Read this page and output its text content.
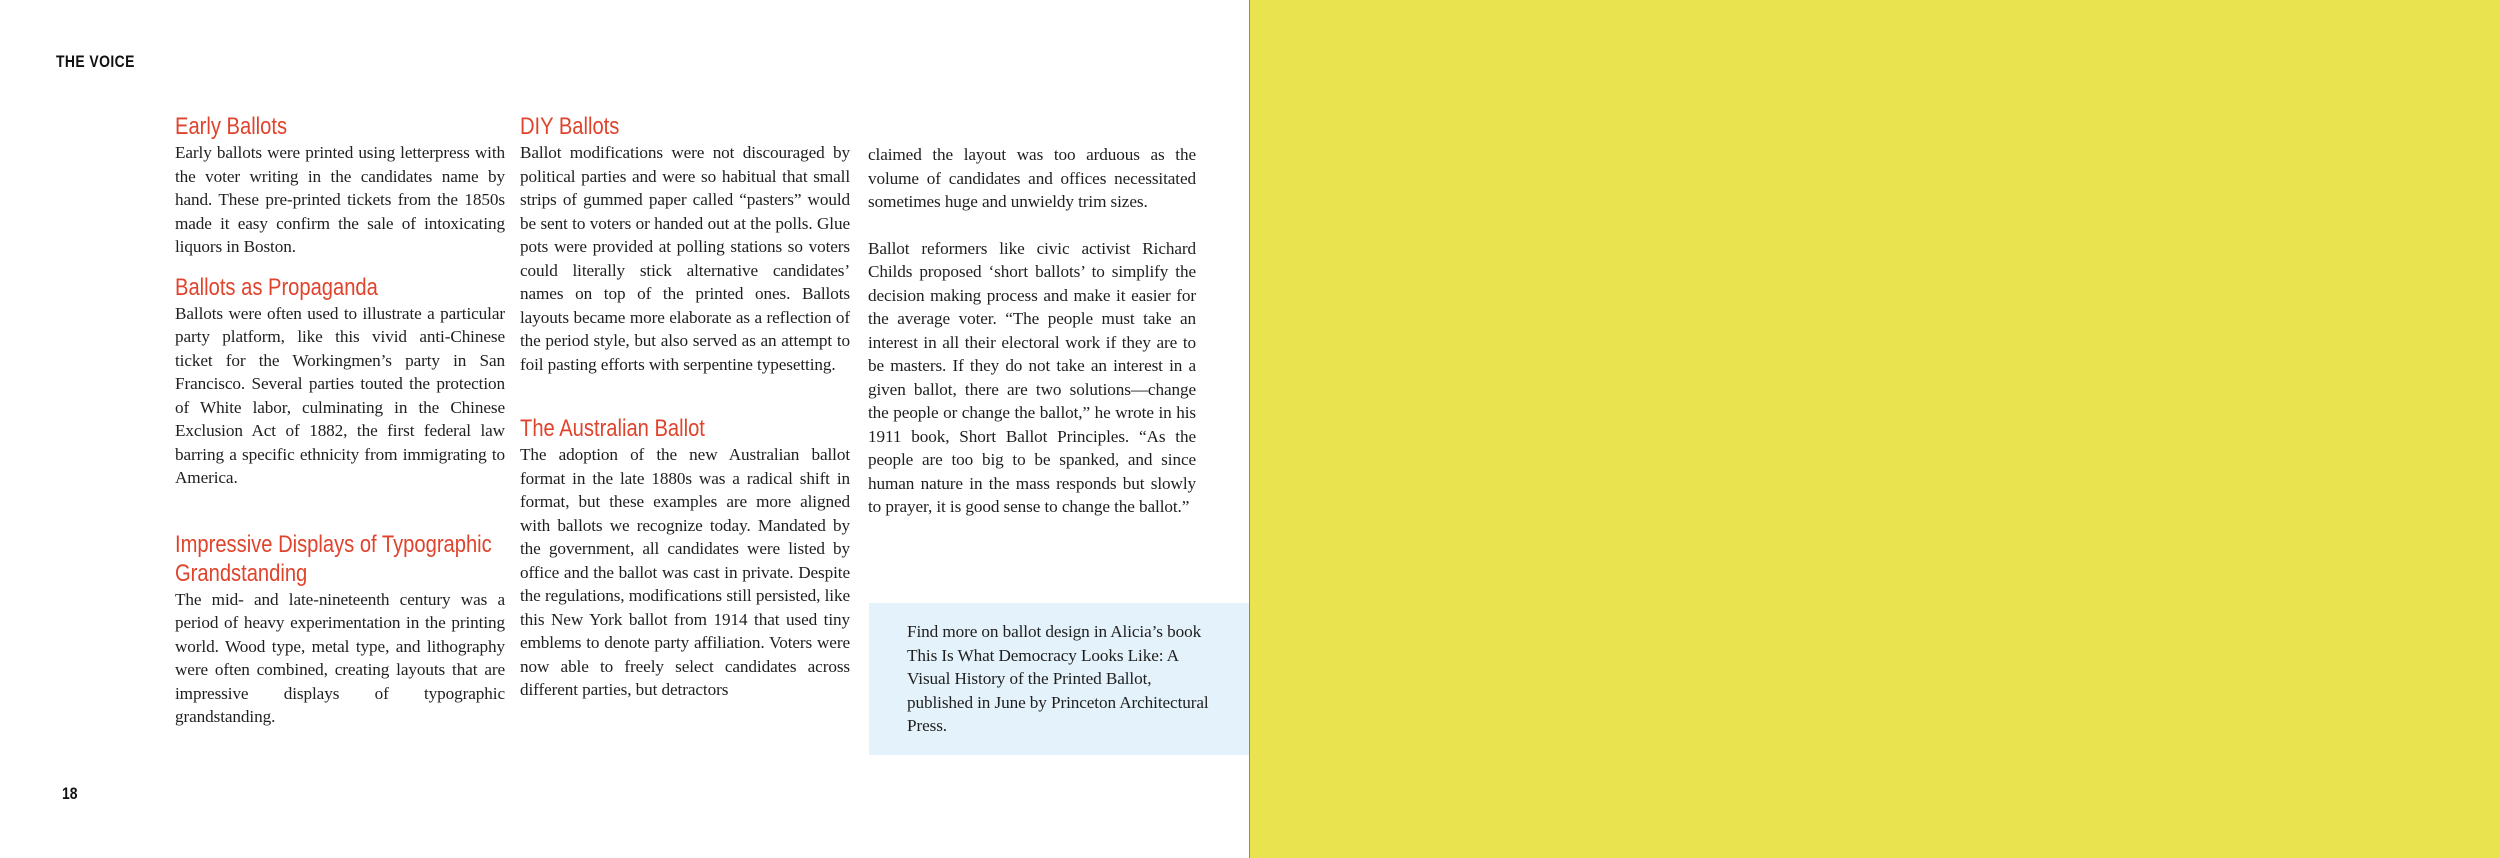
THE VOICE
Early Ballots

Early ballots were printed using letterpress with the voter writing in the candidates name by hand. These pre-printed tickets from the 1850s made it easy confirm the sale of intoxicating liquors in Boston.

Ballots as Propaganda

Ballots were often used to illustrate a particular party platform, like this vivid anti-Chinese ticket for the Workingmen’s party in San Francisco. Several parties touted the protection of White labor, culminating in the Chinese Exclusion Act of 1882, the first federal law barring a specific ethnicity from immigrating to America.

Impressive Displays of Typographic Grandstanding

The mid- and late-nineteenth century was a period of heavy experimentation in the printing world. Wood type, metal type, and lithography were often combined, creating layouts that are impressive displays of typographic grandstanding.

DIY Ballots

Ballot modifications were not discouraged by political parties and were so habitual that small strips of gummed paper called “pasters” would be sent to voters or handed out at the polls. Glue pots were provided at polling stations so voters could literally stick alternative candidates’ names on top of the printed ones. Ballots layouts became more elaborate as a reflection of the period style, but also served as an attempt to foil pasting efforts with serpentine typesetting.

The Australian Ballot

The adoption of the new Australian ballot format in the late 1880s was a radical shift in format, but these examples are more aligned with ballots we recognize today. Mandated by the government, all candidates were listed by office and the ballot was cast in private. Despite the regulations, modifications still persisted, like this New York ballot from 1914 that used tiny emblems to denote party affiliation. Voters were now able to freely select candidates across different parties, but detractors

claimed the layout was too arduous as the volume of candidates and offices necessitated sometimes huge and unwieldy trim sizes.

Ballot reformers like civic activist Richard Childs proposed ‘short ballots’ to simplify the decision making process and make it easier for the average voter. “The people must take an interest in all their electoral work if they are to be masters. If they do not take an interest in a given ballot, there are two solutions—change the people or change the ballot,” he wrote in his 1911 book, Short Ballot Principles. “As the people are too big to be spanked, and since human nature in the mass responds but slowly to prayer, it is good sense to change the ballot.”

Find more on ballot design in Alicia’s book This Is What Democracy Looks Like: A Visual History of the Printed Ballot, published in June by Princeton Architectural Press.

18
